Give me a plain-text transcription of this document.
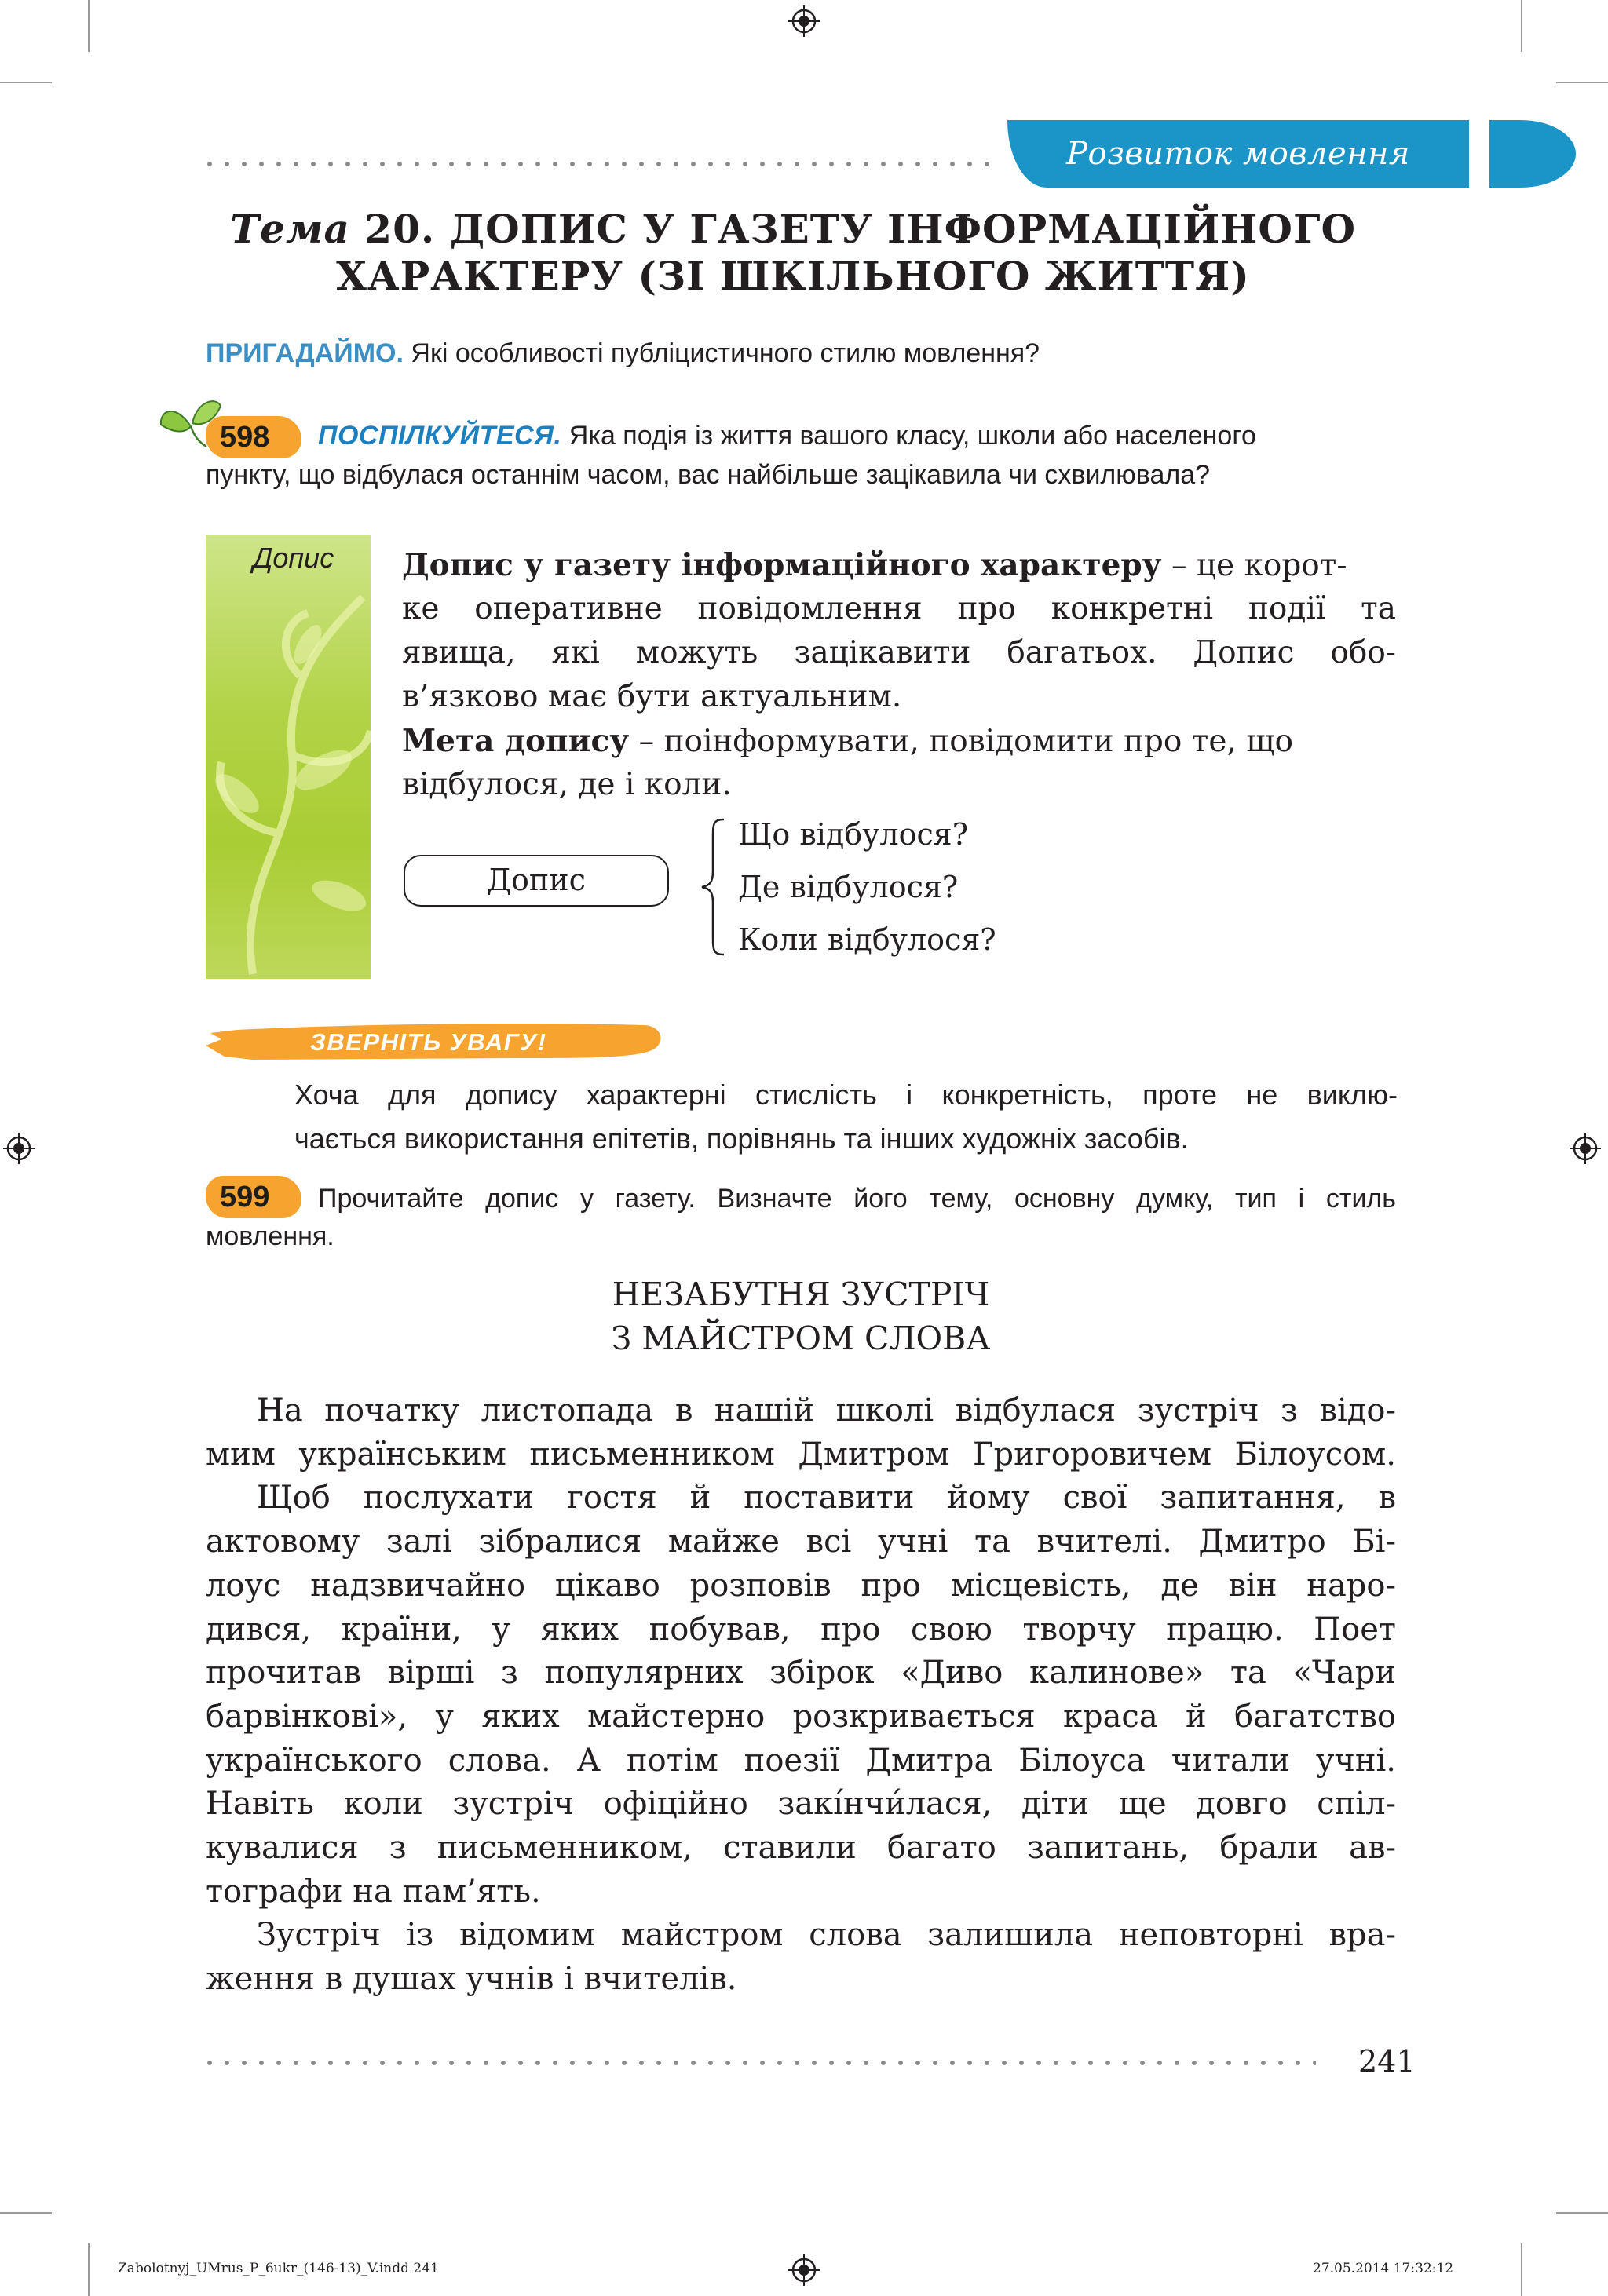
Розвиток мовлення
Тема 20. ДОПИС У ГАЗЕТУ ІНФОРМАЦІЙНОГО
ХАРАКТЕРУ (ЗІ ШКІЛЬНОГО ЖИТТЯ)
ПРИГАДАЙМО. Які особливості публіцистичного стилю мовлення?
598	ПОСПІЛКУЙТЕСЯ. Яка подія із життя вашого класу, школи або населеного
пункту, що відбулася останнім часом, вас найбільше зацікавила чи схвилювала?
Допис Допис у газету інформаційного характеру – це корот-
ке оперативне повідомлення про конкретні події та
явища, які можуть зацікавити багатьох. Допис обо-
в’язково має бути актуальним.
Мета допису – поінформувати, повідомити про те, що
відбулося, де і коли.
Допис
Що відбулося?
Де відбулося?
Коли відбулося?
ЗВЕРНІТЬ УВАГУ!
Хоча для допису характерні стислість і конкретність, проте не виклю-
чається використання епітетів, порівнянь та інших художніх засобів.
599	Прочитайте допис у газету. Визначте його тему, основну думку, тип і стиль
мовлення.
НЕЗАБУТНЯ ЗУСТРІЧ
З МАЙСТРОМ СЛОВА
На початку листопада в нашій школі відбулася зустріч з відо-
мим українським письменником Дмитром Григоровичем Білоусом.
Щоб послухати гостя й поставити йому свої запитання, в
актовому залі зібралися майже всі учні та вчителі. Дмитро Бі-
лоус надзвичайно цікаво розповів про місцевість, де він наро-
дився, країни, у яких побував, про свою творчу працю. Поет
прочитав вірші з популярних збірок «Диво калинове» та «Чари
барвінкові», у яких майстерно розкривається краса й багатство
українського слова. А потім поезії Дмитра Білоуса читали учні.
Навіть коли зустріч офіційно закі́нчи́лася, діти ще довго спіл-
кувалися з письменником, ставили багато запитань, брали ав-
тографи на пам’ять.
Зустріч із відомим майстром слова залишила неповторні вра-
ження в душах учнів і вчителів.
241
Zabolotnyj_UMrus_P_6ukr_(146-13)_V.indd 241	27.05.2014 17:32:12
